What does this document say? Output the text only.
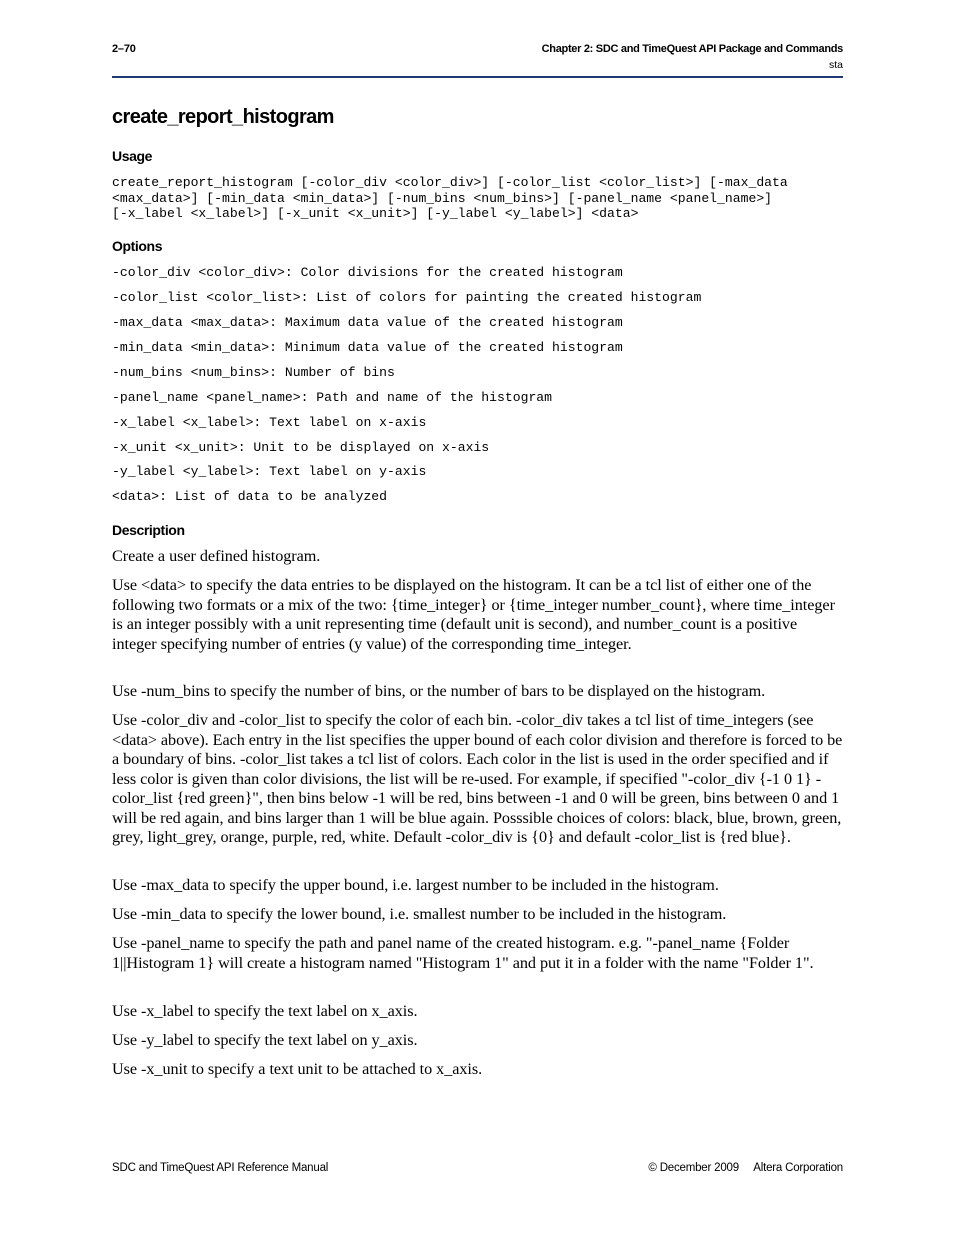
2–70	Chapter 2: SDC and TimeQuest API Package and Commands
sta
create_report_histogram
Usage
create_report_histogram [-color_div <color_div>] [-color_list <color_list>] [-max_data
<max_data>] [-min_data <min_data>] [-num_bins <num_bins>] [-panel_name <panel_name>]
[-x_label <x_label>] [-x_unit <x_unit>] [-y_label <y_label>] <data>
Options
-color_div <color_div>: Color divisions for the created histogram
-color_list <color_list>: List of colors for painting the created histogram
-max_data <max_data>: Maximum data value of the created histogram
-min_data <min_data>: Minimum data value of the created histogram
-num_bins <num_bins>: Number of bins
-panel_name <panel_name>: Path and name of the histogram
-x_label <x_label>: Text label on x-axis
-x_unit <x_unit>: Unit to be displayed on x-axis
-y_label <y_label>: Text label on y-axis
<data>: List of data to be analyzed
Description
Create a user defined histogram.
Use <data> to specify the data entries to be displayed on the histogram. It can be a tcl list of either one of the following two formats or a mix of the two: {time_integer} or {time_integer number_count}, where time_integer is an integer possibly with a unit representing time (default unit is second), and number_count is a positive integer specifying number of entries (y value) of the corresponding time_integer.
Use -num_bins to specify the number of bins, or the number of bars to be displayed on the histogram.
Use -color_div and -color_list to specify the color of each bin. -color_div takes a tcl list of time_integers (see <data> above). Each entry in the list specifies the upper bound of each color division and therefore is forced to be a boundary of bins. -color_list takes a tcl list of colors. Each color in the list is used in the order specified and if less color is given than color divisions, the list will be re-used. For example, if specified "-color_div {-1 0 1} -color_list {red green}", then bins below -1 will be red, bins between -1 and 0 will be green, bins between 0 and 1 will be red again, and bins larger than 1 will be blue again. Posssible choices of colors: black, blue, brown, green, grey, light_grey, orange, purple, red, white. Default -color_div is {0} and default -color_list is {red blue}.
Use -max_data to specify the upper bound, i.e. largest number to be included in the histogram.
Use -min_data to specify the lower bound, i.e. smallest number to be included in the histogram.
Use -panel_name to specify the path and panel name of the created histogram. e.g. "-panel_name {Folder 1||Histogram 1} will create a histogram named "Histogram 1" and put it in a folder with the name "Folder 1".
Use -x_label to specify the text label on x_axis.
Use -y_label to specify the text label on y_axis.
Use -x_unit to specify a text unit to be attached to x_axis.
SDC and TimeQuest API Reference Manual	© December 2009 Altera Corporation
